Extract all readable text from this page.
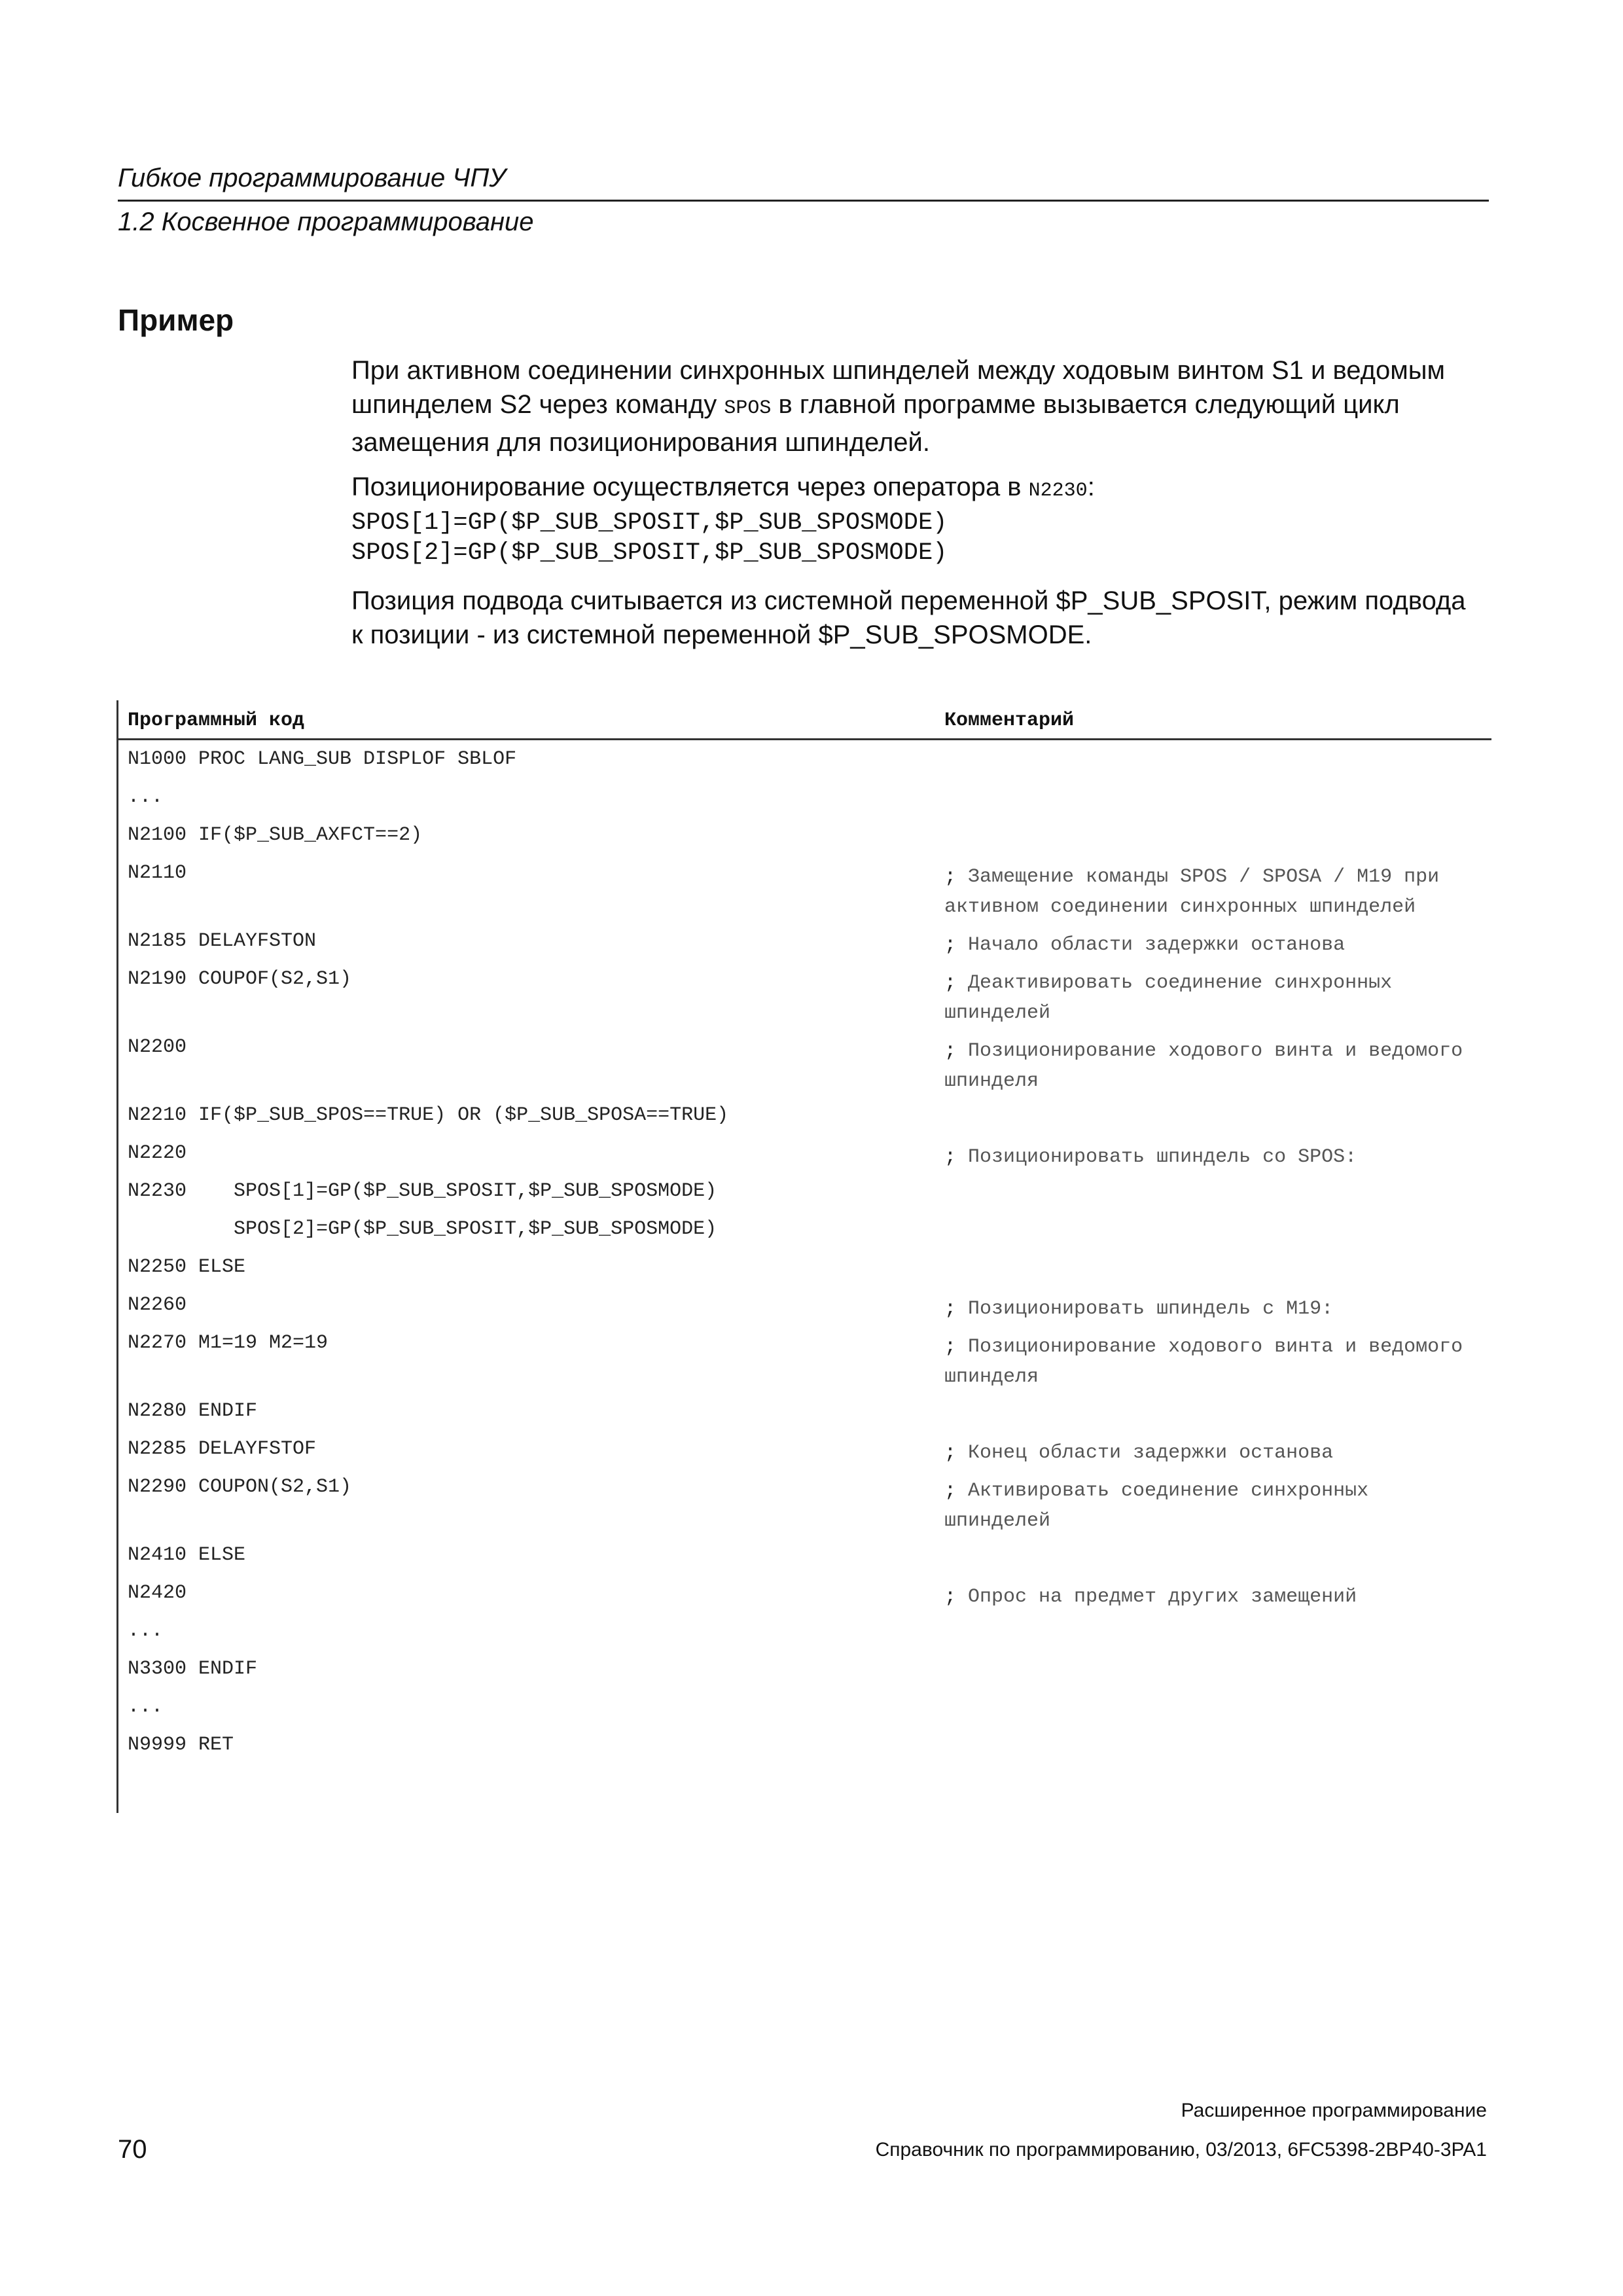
Гибкое программирование ЧПУ
1.2 Косвенное программирование
Пример

При активном соединении синхронных шпинделей между ходовым винтом S1 и ведомым шпинделем S2 через команду SPOS в главной программе вызывается следующий цикл замещения для позиционирования шпинделей.

Позиционирование осуществляется через оператора в N2230:
SPOS[1]=GP($P_SUB_SPOSIT,$P_SUB_SPOSMODE)
SPOS[2]=GP($P_SUB_SPOSIT,$P_SUB_SPOSMODE)

Позиция подвода считывается из системной переменной $P_SUB_SPOSIT, режим подвода к позиции - из системной переменной $P_SUB_SPOSMODE.

Программный код	Комментарий
N1000 PROC LANG_SUB DISPLOF SBLOF
...
N2100 IF($P_SUB_AXFCT==2)
N2110	; Замещение команды SPOS / SPOSA / M19 при активном соединении синхронных шпинделей
N2185 DELAYFSTON	; Начало области задержки останова
N2190 COUPOF(S2,S1)	; Деактивировать соединение синхронных шпинделей
N2200	; Позиционирование ходового винта и ведомого шпинделя
N2210 IF($P_SUB_SPOS==TRUE) OR ($P_SUB_SPOSA==TRUE)
N2220	; Позиционировать шпиндель со SPOS:
N2230    SPOS[1]=GP($P_SUB_SPOSIT,$P_SUB_SPOSMODE)
SPOS[2]=GP($P_SUB_SPOSIT,$P_SUB_SPOSMODE)
N2250 ELSE
N2260	; Позиционировать шпиндель с M19:
N2270 M1=19 M2=19	; Позиционирование ходового винта и ведомого шпинделя
N2280 ENDIF
N2285 DELAYFSTOF	; Конец области задержки останова
N2290 COUPON(S2,S1)	; Активировать соединение синхронных шпинделей
N2410 ELSE
N2420	; Опрос на предмет других замещений
...
N3300 ENDIF
...
N9999 RET
Расширенное программирование
Справочник по программированию, 03/2013, 6FC5398-2BP40-3PA1
70
